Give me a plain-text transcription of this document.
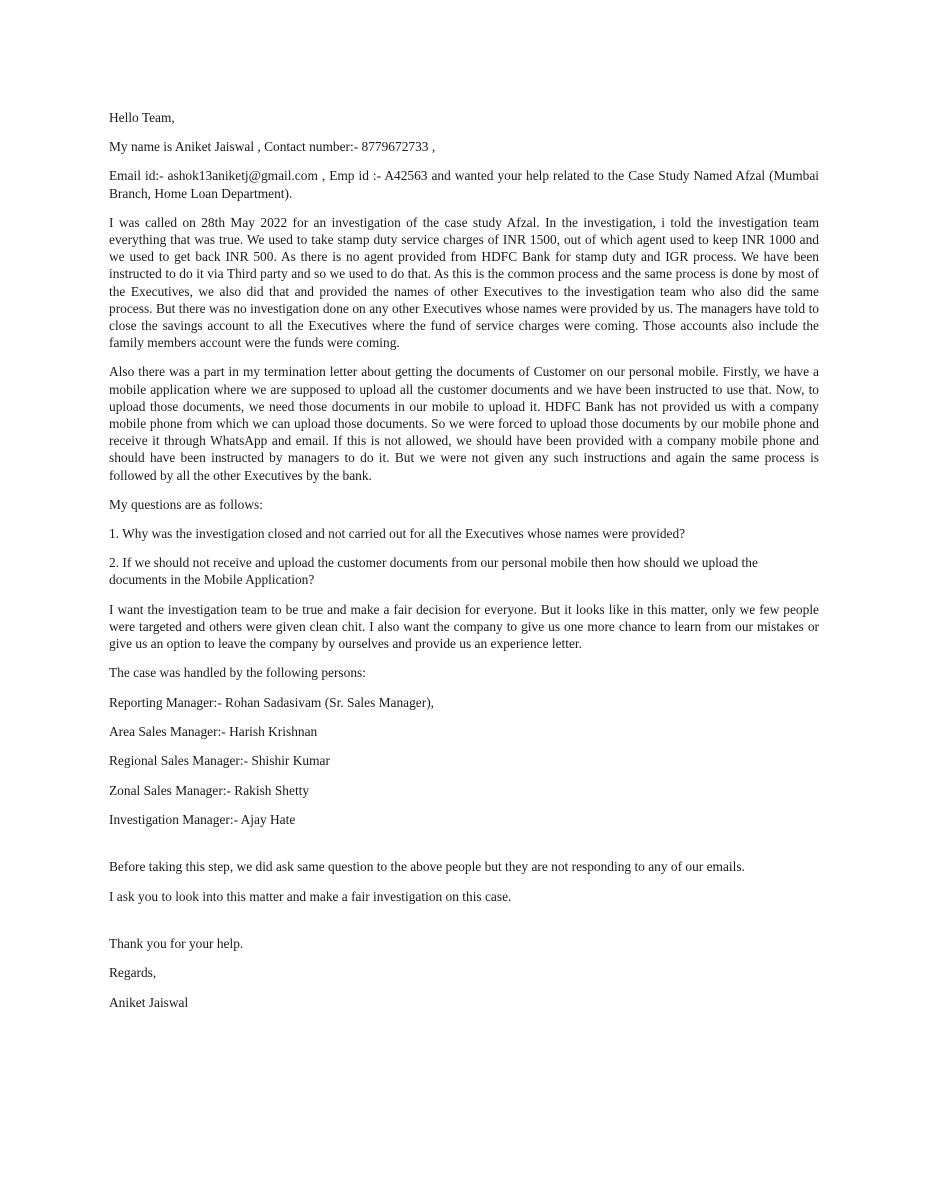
Hello Team,

My name is Aniket Jaiswal , Contact number:- 8779672733 ,

Email id:- ashok13aniketj@gmail.com , Emp id :- A42563 and wanted your help related to the Case Study Named Afzal (Mumbai Branch, Home Loan Department).

I was called on 28th May 2022 for an investigation of the case study Afzal. In the investigation, i told the investigation team everything that was true. We used to take stamp duty service charges of INR 1500, out of which agent used to keep INR 1000 and we used to get back INR 500. As there is no agent provided from HDFC Bank for stamp duty and IGR process. We have been instructed to do it via Third party and so we used to do that. As this is the common process and the same process is done by most of the Executives, we also did that and provided the names of other Executives to the investigation team who also did the same process. But there was no investigation done on any other Executives whose names were provided by us. The managers have told to close the savings account to all the Executives where the fund of service charges were coming. Those accounts also include the family members account were the funds were coming.

Also there was a part in my termination letter about getting the documents of Customer on our personal mobile. Firstly, we have a mobile application where we are supposed to upload all the customer documents and we have been instructed to use that. Now, to upload those documents, we need those documents in our mobile to upload it. HDFC Bank has not provided us with a company mobile phone from which we can upload those documents. So we were forced to upload those documents by our mobile phone and receive it through WhatsApp and email. If this is not allowed, we should have been provided with a company mobile phone and should have been instructed by managers to do it. But we were not given any such instructions and again the same process is followed by all the other Executives by the bank.

My questions are as follows:

1. Why was the investigation closed and not carried out for all the Executives whose names were provided?

2. If we should not receive and upload the customer documents from our personal mobile then how should we upload the documents in the Mobile Application?

I want the investigation team to be true and make a fair decision for everyone. But it looks like in this matter, only we few people were targeted and others were given clean chit. I also want the company to give us one more chance to learn from our mistakes or give us an option to leave the company by ourselves and provide us an experience letter.

The case was handled by the following persons:

Reporting Manager:- Rohan Sadasivam (Sr. Sales Manager),

Area Sales Manager:- Harish Krishnan

Regional Sales Manager:- Shishir Kumar

Zonal Sales Manager:- Rakish Shetty

Investigation Manager:- Ajay Hate

Before taking this step, we did ask same question to the above people but they are not responding to any of our emails.

I ask you to look into this matter and make a fair investigation on this case.

Thank you for your help.

Regards,

Aniket Jaiswal
